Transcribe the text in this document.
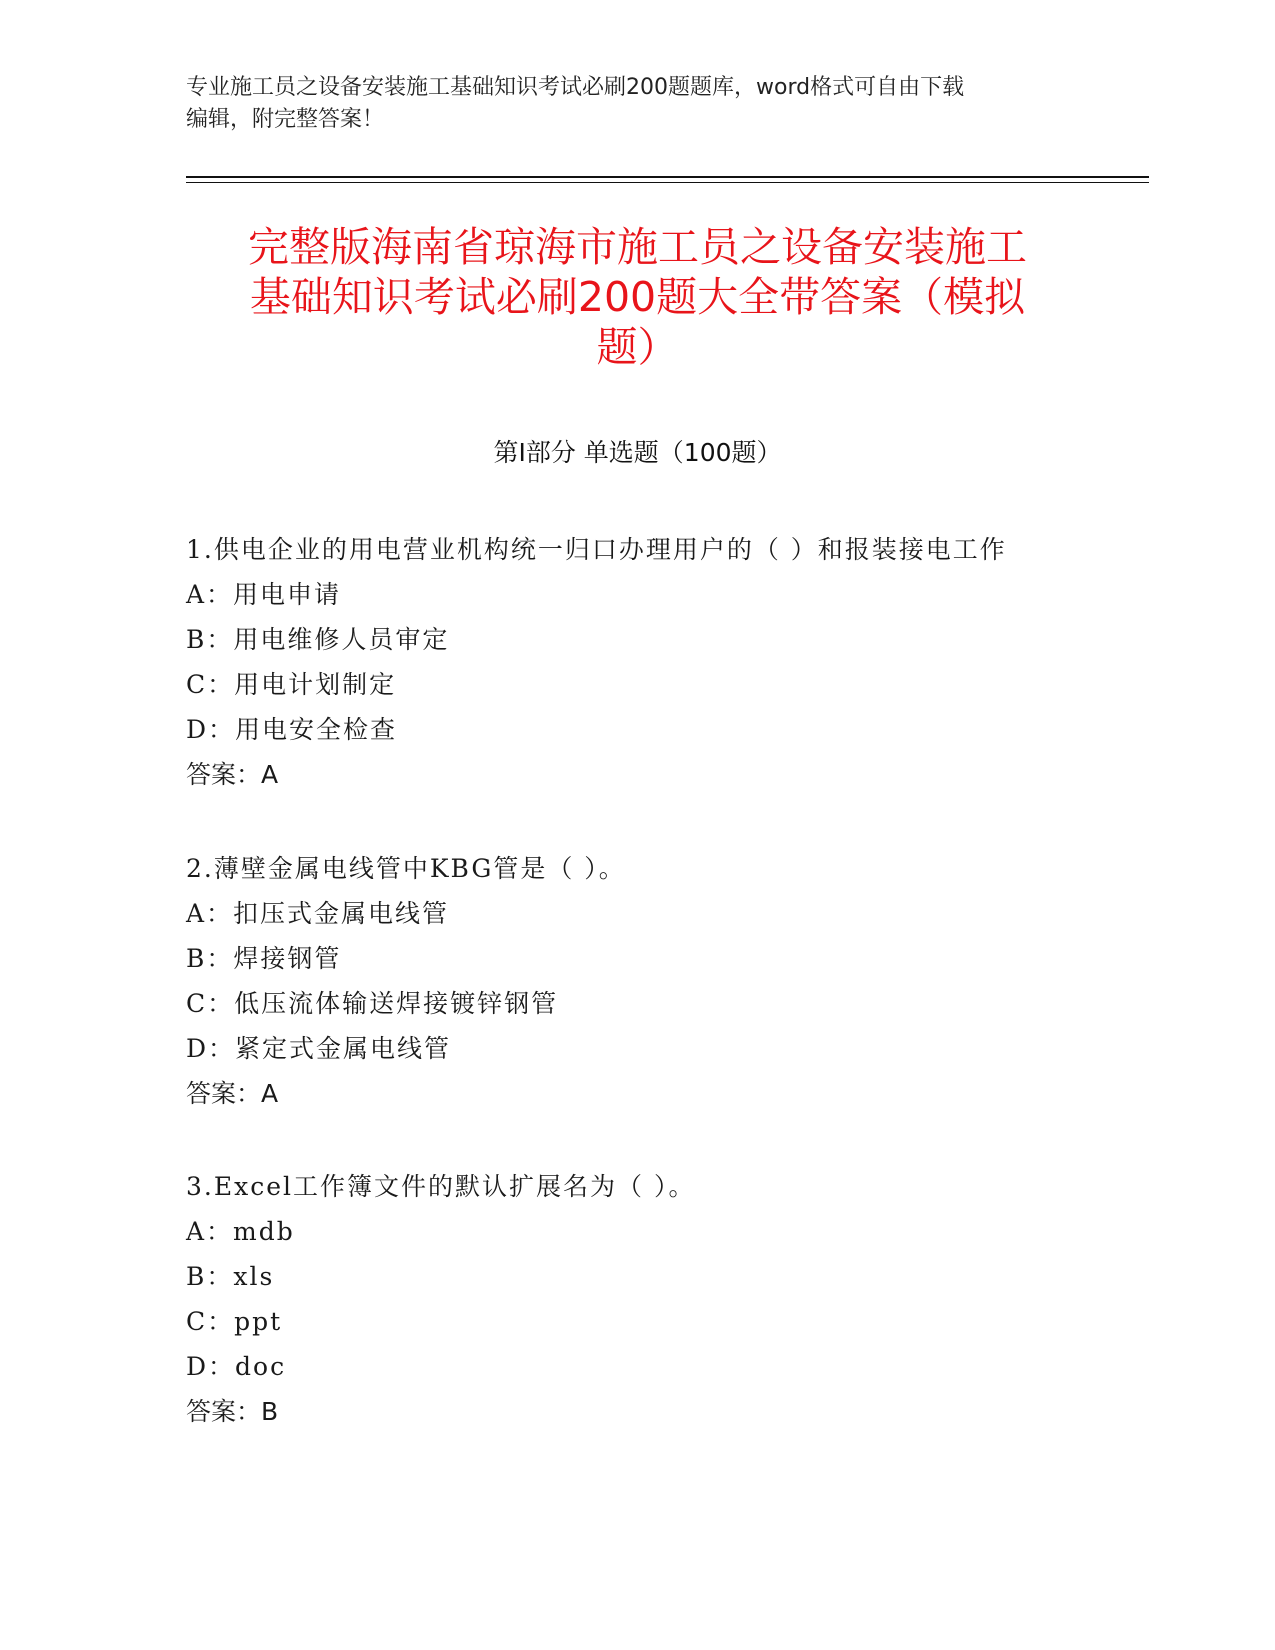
专业施工员之设备安装施工基础知识考试必刷200题题库，word格式可自由下载
编辑，附完整答案！
完整版海南省琼海市施工员之设备安装施工
基础知识考试必刷200题大全带答案（模拟
题）
第I部分 单选题（100题）

1.供电企业的用电营业机构统一归口办理用户的（ ）和报装接电工作

A：用电申请

B：用电维修人员审定

C：用电计划制定

D：用电安全检查

答案：A

2.薄壁金属电线管中KBG管是（ ）。

A：扣压式金属电线管

B：焊接钢管

C：低压流体输送焊接镀锌钢管

D：紧定式金属电线管

答案：A

3.Excel工作簿文件的默认扩展名为（ ）。

A：mdb

B：xls

C：ppt

D：doc

答案：B
